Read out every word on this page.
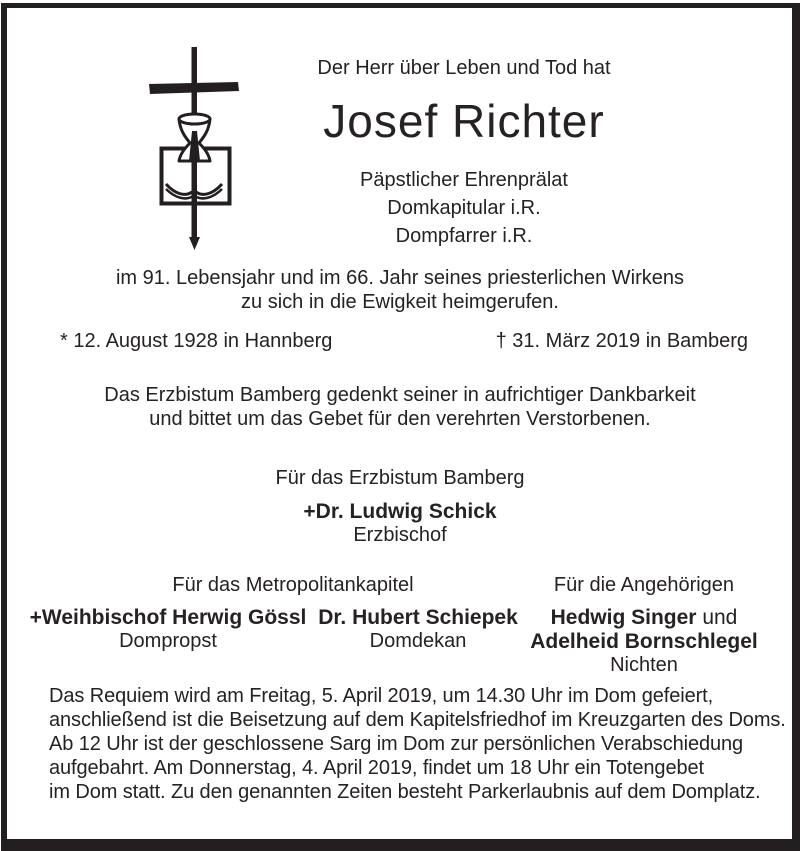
Der Herr über Leben und Tod hat
Josef Richter
Päpstlicher Ehrenprälat
Domkapitular i.R.
Dompfarrer i.R.
im 91. Lebensjahr und im 66. Jahr seines priesterlichen Wirkens
zu sich in die Ewigkeit heimgerufen.
* 12. August 1928 in Hannberg	† 31. März 2019 in Bamberg
Das Erzbistum Bamberg gedenkt seiner in aufrichtiger Dankbarkeit
und bittet um das Gebet für den verehrten Verstorbenen.
Für das Erzbistum Bamberg
+Dr. Ludwig Schick
Erzbischof
Für das Metropolitankapitel	Für die Angehörigen
+Weihbischof Herwig Gössl
Dompropst
Dr. Hubert Schiepek
Domdekan
Hedwig Singer und
Adelheid Bornschlegel
Nichten
Das Requiem wird am Freitag, 5. April 2019, um 14.30 Uhr im Dom gefeiert,
anschließend ist die Beisetzung auf dem Kapitelsfriedhof im Kreuzgarten des Doms.
Ab 12 Uhr ist der geschlossene Sarg im Dom zur persönlichen Verabschiedung
aufgebahrt. Am Donnerstag, 4. April 2019, findet um 18 Uhr ein Totengebet
im Dom statt. Zu den genannten Zeiten besteht Parkerlaubnis auf dem Domplatz.
